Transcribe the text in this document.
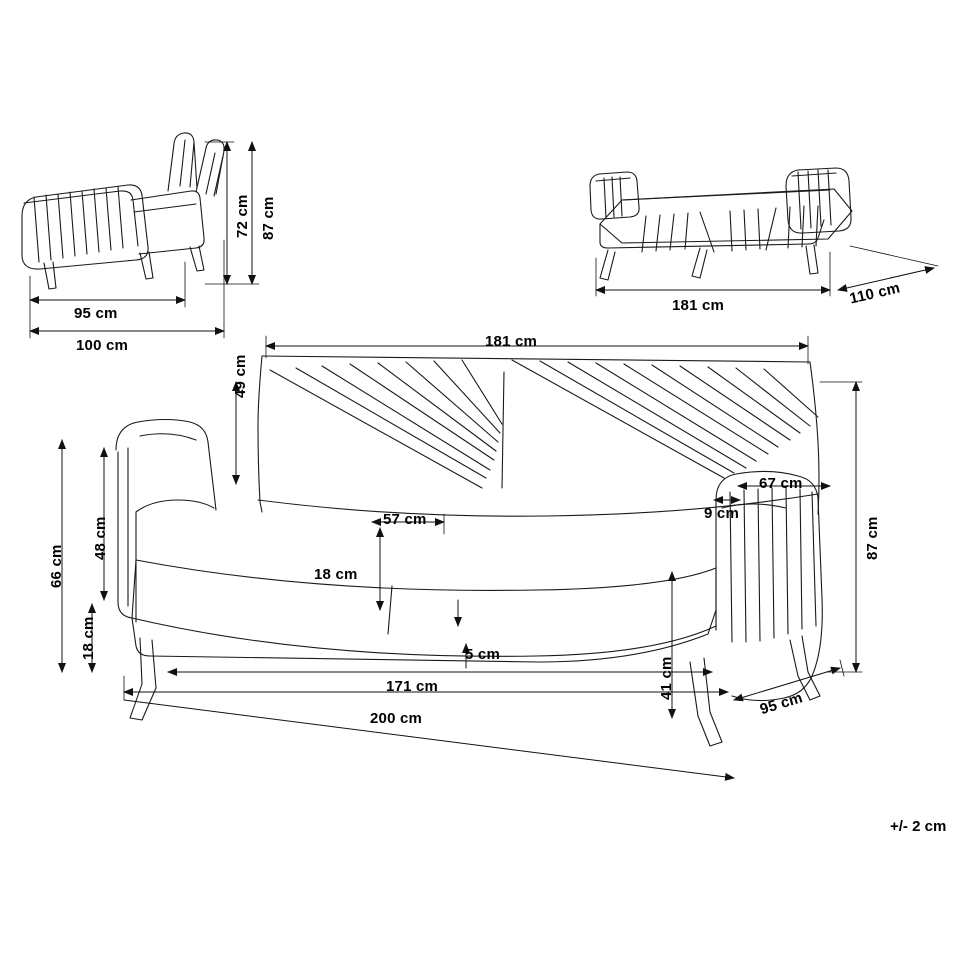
72 cm 87 cm
95 cm
100 cm
181 cm	110 cm
181 cm
49 cm
57 cm
67 cm
9 cm
18 cm
5 cm
87 cm
66 cm
48 cm
18 cm
41 cm
171 cm
200 cm
95 cm
+/- 2 cm
